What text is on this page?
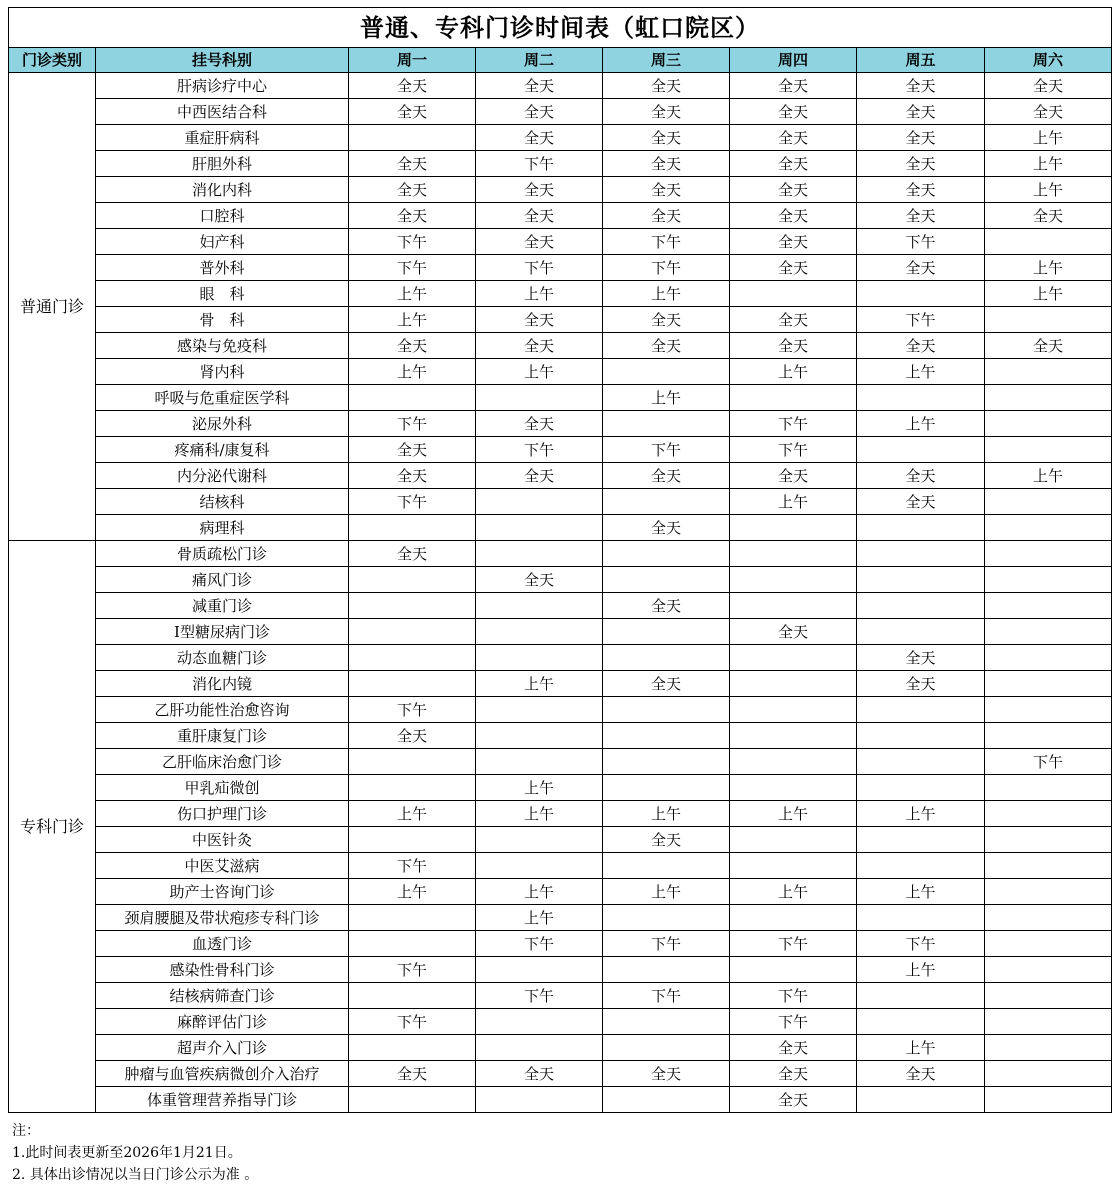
普通、专科门诊时间表（虹口院区）							
门诊类别	挂号科别	周一	周二	周三	周四	周五	周六
普通门诊	肝病诊疗中心	全天	全天	全天	全天	全天	全天
	中西医结合科	全天	全天	全天	全天	全天	全天
	重症肝病科		全天	全天	全天	全天	上午
	肝胆外科	全天	下午	全天	全天	全天	上午
	消化内科	全天	全天	全天	全天	全天	上午
	口腔科	全天	全天	全天	全天	全天	全天
	妇产科	下午	全天	下午	全天	下午	
	普外科	下午	下午	下午	全天	全天	上午
	眼　科	上午	上午	上午			上午
	骨　科	上午	全天	全天	全天	下午	
	感染与免疫科	全天	全天	全天	全天	全天	全天
	肾内科	上午	上午		上午	上午	
	呼吸与危重症医学科			上午			
	泌尿外科	下午	全天		下午	上午	
	疼痛科/康复科	全天	下午	下午	下午		
	内分泌代谢科	全天	全天	全天	全天	全天	上午
	结核科	下午			上午	全天	
	病理科			全天			
专科门诊	骨质疏松门诊	全天					
	痛风门诊		全天				
	减重门诊			全天			
	Ⅰ型糖尿病门诊				全天		
	动态血糖门诊					全天	
	消化内镜		上午	全天		全天	
	乙肝功能性治愈咨询	下午					
	重肝康复门诊	全天					
	乙肝临床治愈门诊						下午
	甲乳疝微创		上午				
	伤口护理门诊	上午	上午	上午	上午	上午	
	中医针灸			全天			
	中医艾滋病	下午					
	助产士咨询门诊	上午	上午	上午	上午	上午	
	颈肩腰腿及带状疱疹专科门诊		上午				
	血透门诊		下午	下午	下午	下午	
	感染性骨科门诊	下午				上午	
	结核病筛查门诊		下午	下午	下午		
	麻醉评估门诊	下午			下午		
	超声介入门诊				全天	上午	
	肿瘤与血管疾病微创介入治疗	全天	全天	全天	全天	全天	
	体重管理营养指导门诊				全天		
注：
1.此时间表更新至2026年1月21日。
2. 具体出诊情况以当日门诊公示为准 。
